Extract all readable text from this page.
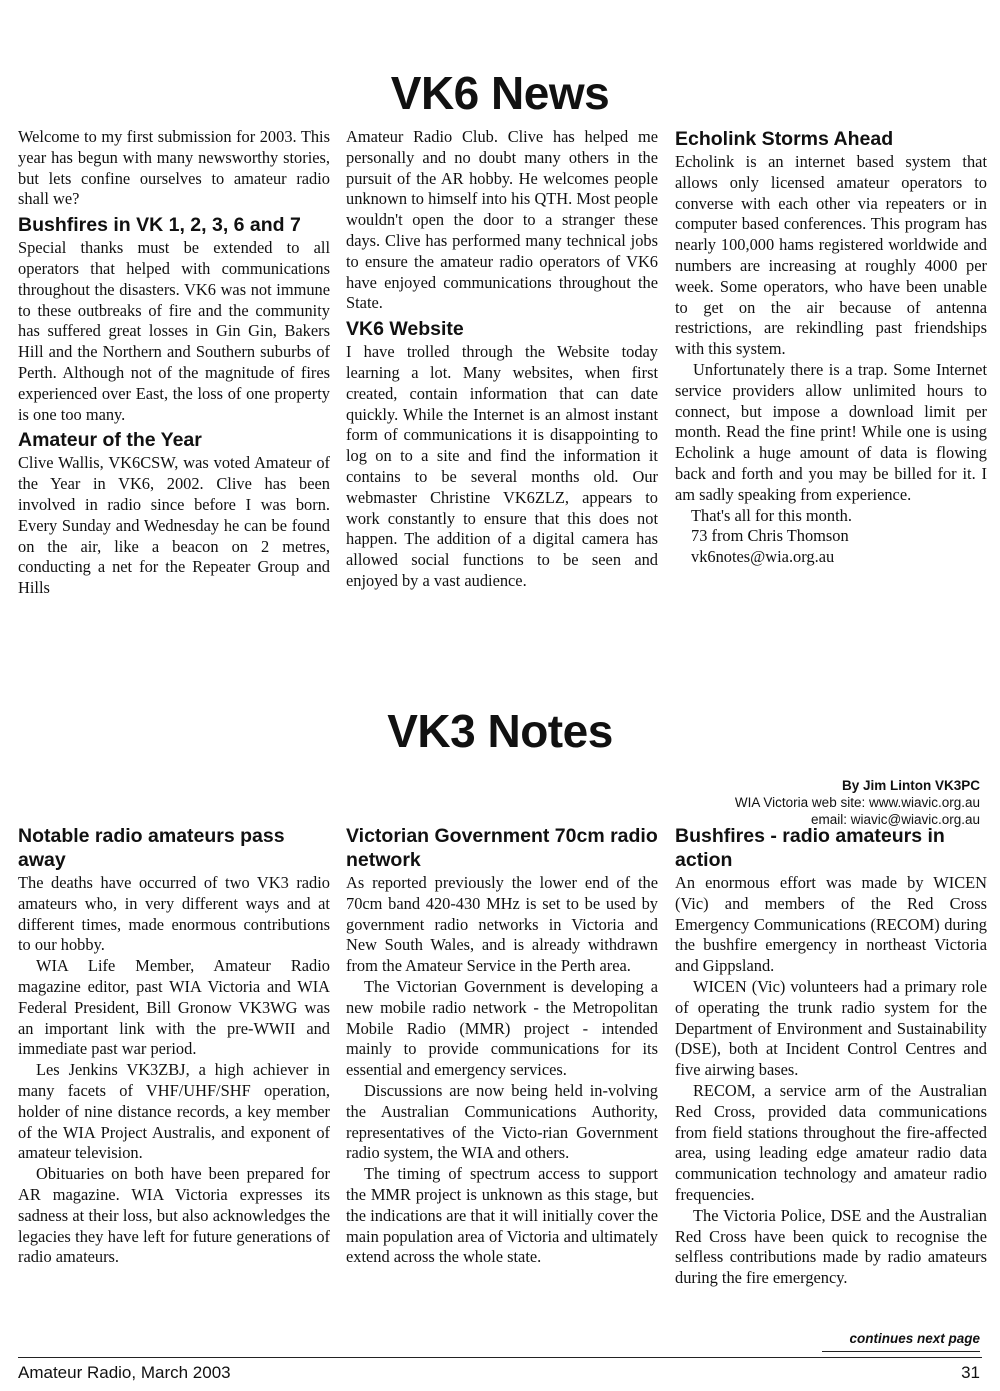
VK6 News

Welcome to my first submission for 2003. This year has begun with many newsworthy stories, but lets confine ourselves to amateur radio shall we?

Bushfires in VK 1, 2, 3, 6 and 7

Special thanks must be extended to all operators that helped with communications throughout the disasters. VK6 was not immune to these outbreaks of fire and the community has suffered great losses in Gin Gin, Bakers Hill and the Northern and Southern suburbs of Perth. Although not of the magnitude of fires experienced over East, the loss of one property is one too many.

Amateur of the Year

Clive Wallis, VK6CSW, was voted Amateur of the Year in VK6, 2002. Clive has been involved in radio since before I was born. Every Sunday and Wednesday he can be found on the air, like a beacon on 2 metres, conducting a net for the Repeater Group and Hills

Amateur Radio Club. Clive has helped me personally and no doubt many others in the pursuit of the AR hobby. He welcomes people unknown to himself into his QTH. Most people wouldn't open the door to a stranger these days. Clive has performed many technical jobs to ensure the amateur radio operators of VK6 have enjoyed communications throughout the State.

VK6 Website

I have trolled through the Website today learning a lot. Many websites, when first created, contain information that can date quickly. While the Internet is an almost instant form of communications it is disappointing to log on to a site and find the information it contains to be several months old. Our webmaster Christine VK6ZLZ, appears to work constantly to ensure that this does not happen. The addition of a digital camera has allowed social functions to be seen and enjoyed by a vast audience.

Echolink Storms Ahead

Echolink is an internet based system that allows only licensed amateur operators to converse with each other via repeaters or in computer based conferences. This program has nearly 100,000 hams registered worldwide and numbers are increasing at roughly 4000 per week. Some operators, who have been unable to get on the air because of antenna restrictions, are rekindling past friendships with this system.

Unfortunately there is a trap. Some Internet service providers allow unlimited hours to connect, but impose a download limit per month. Read the fine print! While one is using Echolink a huge amount of data is flowing back and forth and you may be billed for it. I am sadly speaking from experience.

That's all for this month.

73 from Chris Thomson

vk6notes@wia.org.au

VK3 Notes
By Jim Linton VK3PC
WIA Victoria web site: www.wiavic.org.au
email: wiavic@wiavic.org.au
Notable radio amateurs pass away

The deaths have occurred of two VK3 radio amateurs who, in very different ways and at different times, made enormous contributions to our hobby.

WIA Life Member, Amateur Radio magazine editor, past WIA Victoria and WIA Federal President, Bill Gronow VK3WG was an important link with the pre-WWII and immediate past war period.

Les Jenkins VK3ZBJ, a high achiever in many facets of VHF/UHF/SHF operation, holder of nine distance records, a key member of the WIA Project Australis, and exponent of amateur television.

Obituaries on both have been prepared for AR magazine. WIA Victoria expresses its sadness at their loss, but also acknowledges the legacies they have left for future generations of radio amateurs.

Victorian Government 70cm radio network

As reported previously the lower end of the 70cm band 420-430 MHz is set to be used by government radio networks in Victoria and New South Wales, and is already withdrawn from the Amateur Service in the Perth area.

The Victorian Government is developing a new mobile radio network - the Metropolitan Mobile Radio (MMR) project - intended mainly to provide communications for its essential and emergency services.

Discussions are now being held in-volving the Australian Communications Authority, representatives of the Victo-rian Government radio system, the WIA and others.

The timing of spectrum access to support the MMR project is unknown as this stage, but the indications are that it will initially cover the main population area of Victoria and ultimately extend across the whole state.

Bushfires - radio amateurs in action

An enormous effort was made by WICEN (Vic) and members of the Red Cross Emergency Communications (RECOM) during the bushfire emergency in northeast Victoria and Gippsland.

WICEN (Vic) volunteers had a primary role of operating the trunk radio system for the Department of Environment and Sustainability (DSE), both at Incident Control Centres and five airwing bases.

RECOM, a service arm of the Australian Red Cross, provided data communications from field stations throughout the fire-affected area, using leading edge amateur radio data communication technology and amateur radio frequencies.

The Victoria Police, DSE and the Australian Red Cross have been quick to recognise the selfless contributions made by radio amateurs during the fire emergency.

continues next page
Amateur Radio, March 2003	31
